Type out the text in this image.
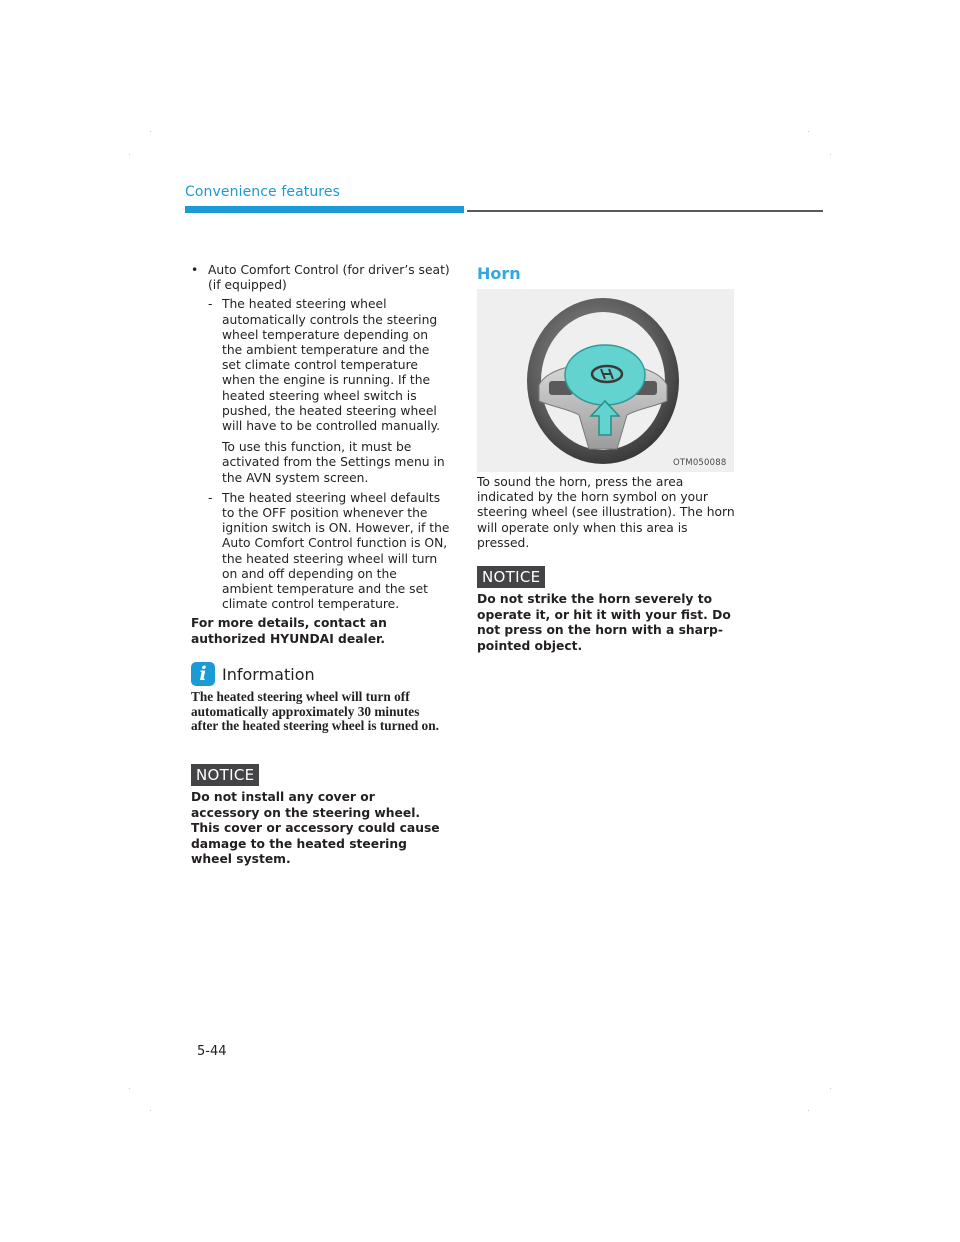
Convenience features
• Auto Comfort Control (for driver’s seat) (if equipped)
- The heated steering wheel automatically controls the steering wheel temperature depending on the ambient temperature and the set climate control temperature when the engine is running. If the heated steering wheel switch is pushed, the heated steering wheel will have to be controlled manually.
To use this function, it must be activated from the Settings menu in the AVN system screen.
- The heated steering wheel defaults to the OFF position whenever the ignition switch is ON. However, if the Auto Comfort Control function is ON, the heated steering wheel will turn on and off depending on the ambient temperature and the set climate control temperature.
For more details, contact an authorized HYUNDAI dealer.
i Information
The heated steering wheel will turn off automatically approximately 30 minutes after the heated steering wheel is turned on.
NOTICE
Do not install any cover or accessory on the steering wheel. This cover or accessory could cause damage to the heated steering wheel system.
Horn
OTM050088
To sound the horn, press the area indicated by the horn symbol on your steering wheel (see illustration). The horn will operate only when this area is pressed.
NOTICE
Do not strike the horn severely to operate it, or hit it with your fist. Do not press on the horn with a sharp-pointed object.
5-44
